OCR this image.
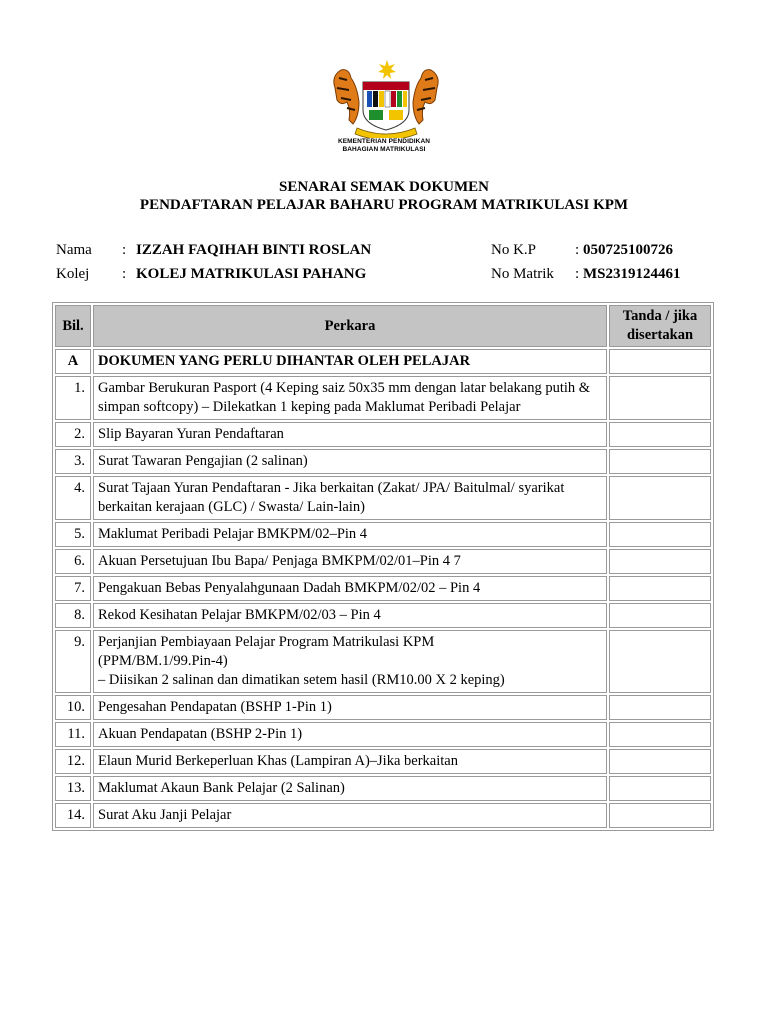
KEMENTERIAN PENDIDIKAN
BAHAGIAN MATRIKULASI
SENARAI SEMAK DOKUMEN
PENDAFTARAN PELAJAR BAHARU PROGRAM MATRIKULASI KPM
Nama : IZZAH FAQIHAH BINTI ROSLAN
Kolej : KOLEJ MATRIKULASI PAHANG
No K.P	: 050725100726
No Matrik : MS2319124461
Bil.	Perkara	Tanda / jika disertakan
A	DOKUMEN YANG PERLU DIHANTAR OLEH PELAJAR	
1.	Gambar Berukuran Pasport (4 Keping saiz 50x35 mm dengan latar belakang putih & simpan softcopy) – Dilekatkan 1 keping pada Maklumat Peribadi Pelajar	
2.	Slip Bayaran Yuran Pendaftaran	
3.	Surat Tawaran Pengajian (2 salinan)	
4.	Surat Tajaan Yuran Pendaftaran - Jika berkaitan (Zakat/ JPA/ Baitulmal/ syarikat berkaitan kerajaan (GLC) / Swasta/ Lain-lain)	
5.	Maklumat Peribadi Pelajar BMKPM/02–Pin 4	
6.	Akuan Persetujuan Ibu Bapa/ Penjaga BMKPM/02/01–Pin 4 7	
7.	Pengakuan Bebas Penyalahgunaan Dadah BMKPM/02/02 – Pin 4	
8.	Rekod Kesihatan Pelajar BMKPM/02/03 – Pin 4	
9.	Perjanjian Pembiayaan Pelajar Program Matrikulasi KPM
(PPM/BM.1/99.Pin-4)
– Diisikan 2 salinan dan dimatikan setem hasil (RM10.00 X 2 keping)	
10.	Pengesahan Pendapatan (BSHP 1-Pin 1)	
11.	Akuan Pendapatan (BSHP 2-Pin 1)	
12.	Elaun Murid Berkeperluan Khas (Lampiran A)–Jika berkaitan	
13.	Maklumat Akaun Bank Pelajar (2 Salinan)	
14.	Surat Aku Janji Pelajar	
